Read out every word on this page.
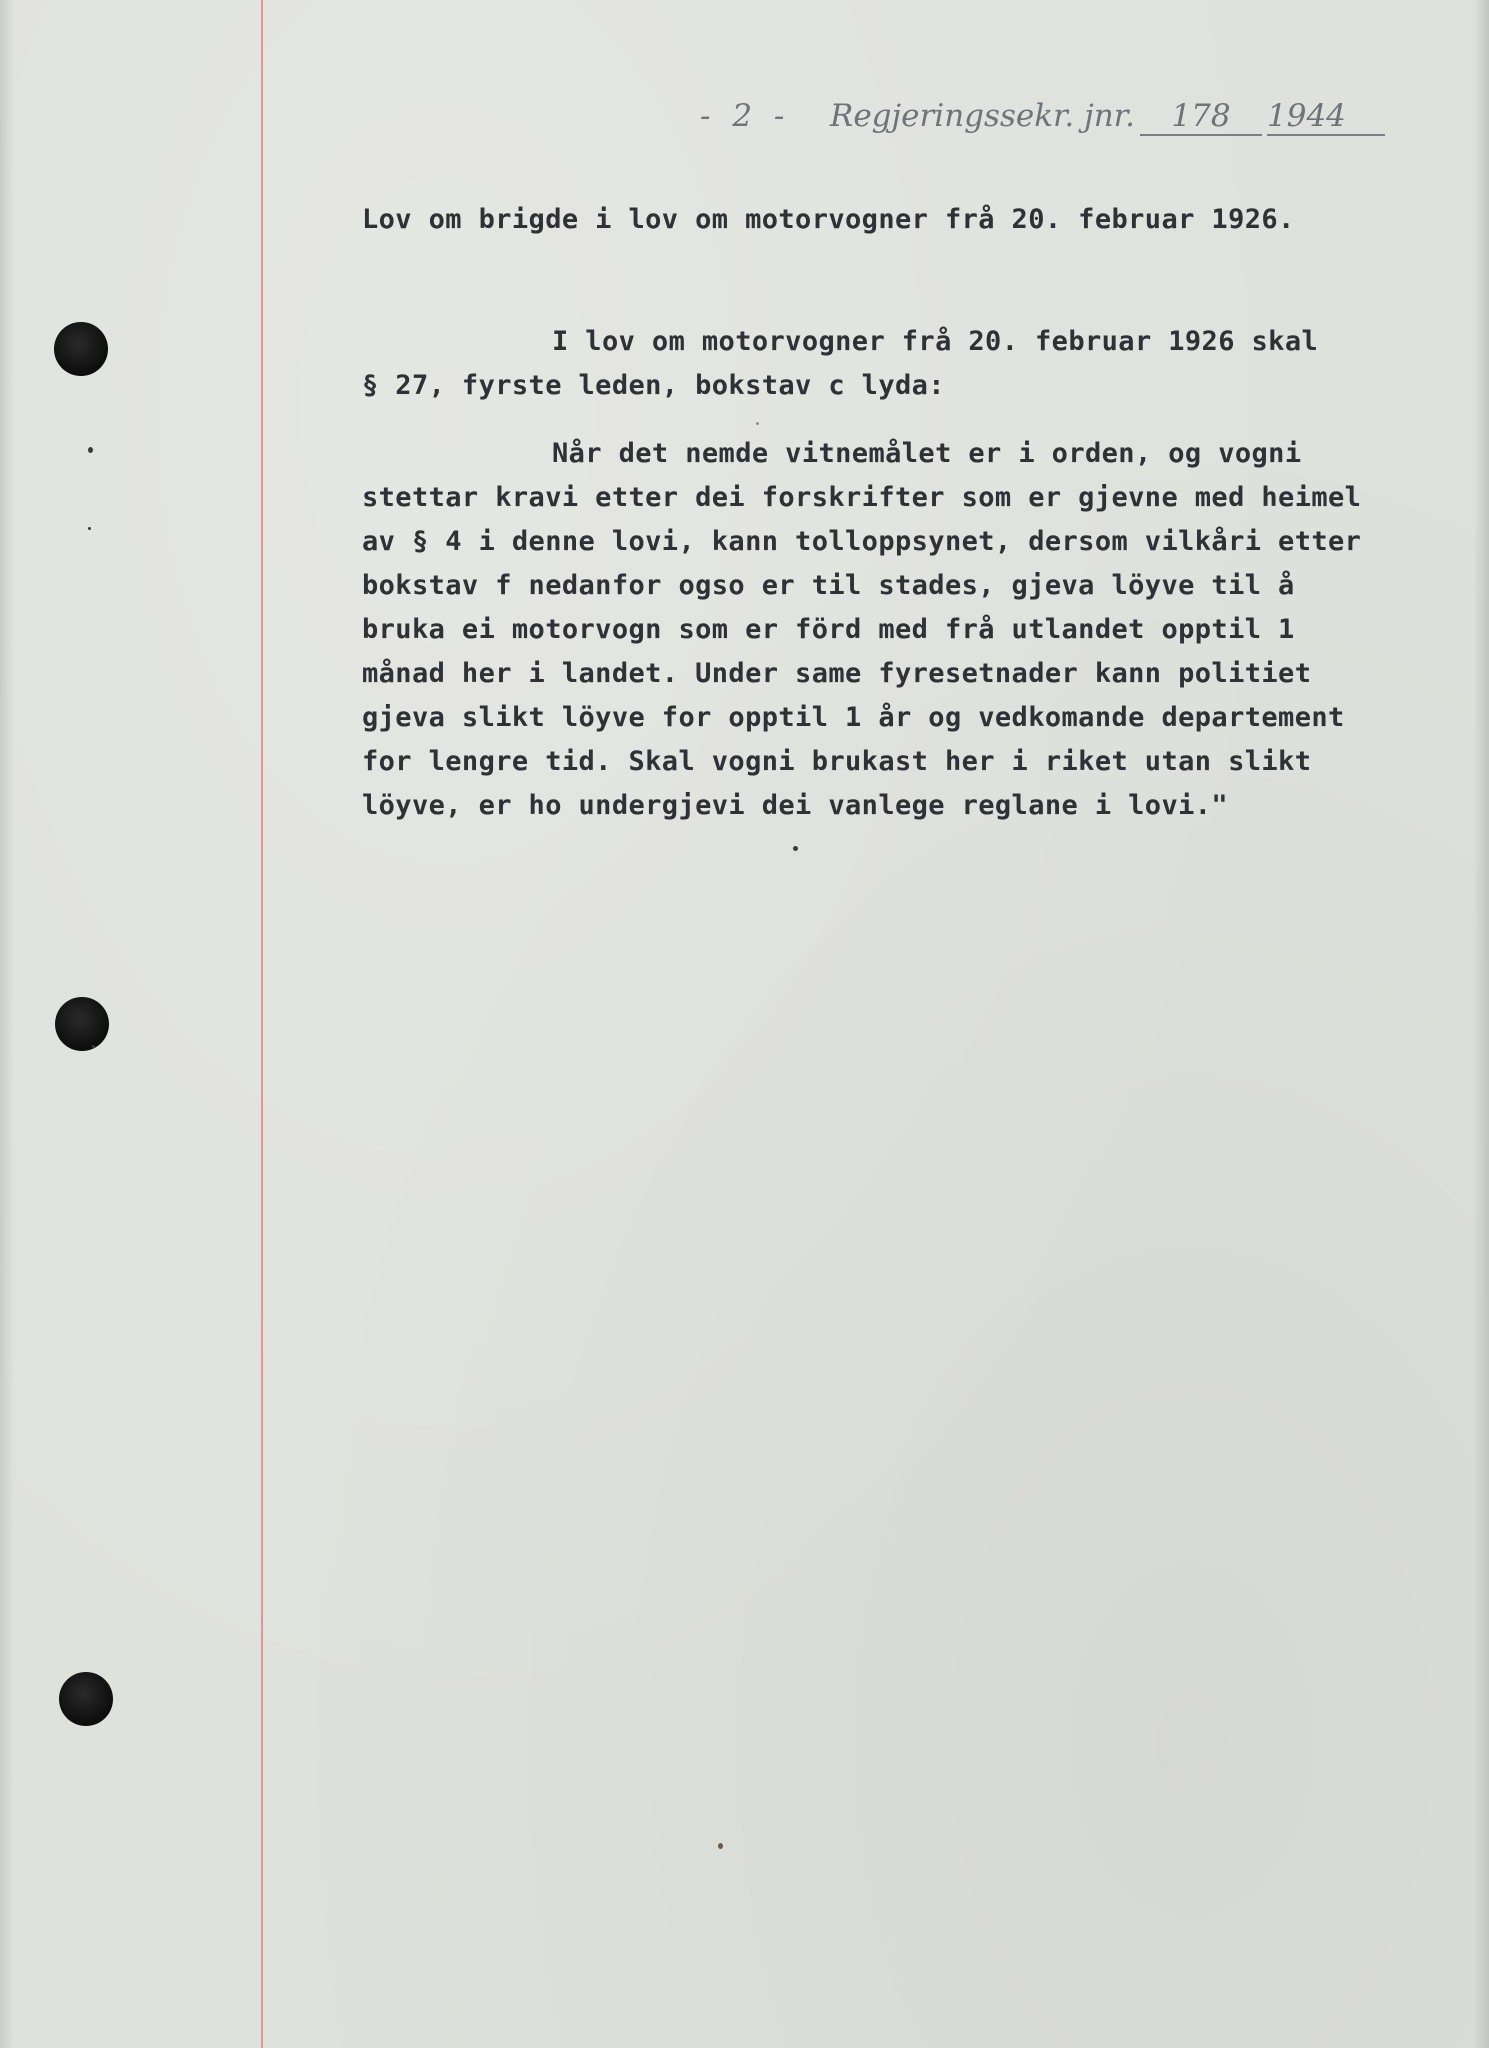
- 2 - Regjeringssekr. jnr.	178	1944
Lov om brigde i lov om motorvogner frå 20. februar 1926.
I lov om motorvogner frå 20. februar 1926 skal
§ 27, fyrste leden, bokstav c lyda:
Når det nemde vitnemålet er i orden, og vogni
stettar kravi etter dei forskrifter som er gjevne med heimel
av § 4 i denne lovi, kann tolloppsynet, dersom vilkåri etter
bokstav f nedanfor ogso er til stades, gjeva löyve til å
bruka ei motorvogn som er förd med frå utlandet opptil 1
månad her i landet. Under same fyresetnader kann politiet
gjeva slikt löyve for opptil 1 år og vedkomande departement
for lengre tid. Skal vogni brukast her i riket utan slikt
löyve, er ho undergjevi dei vanlege reglane i lovi."
